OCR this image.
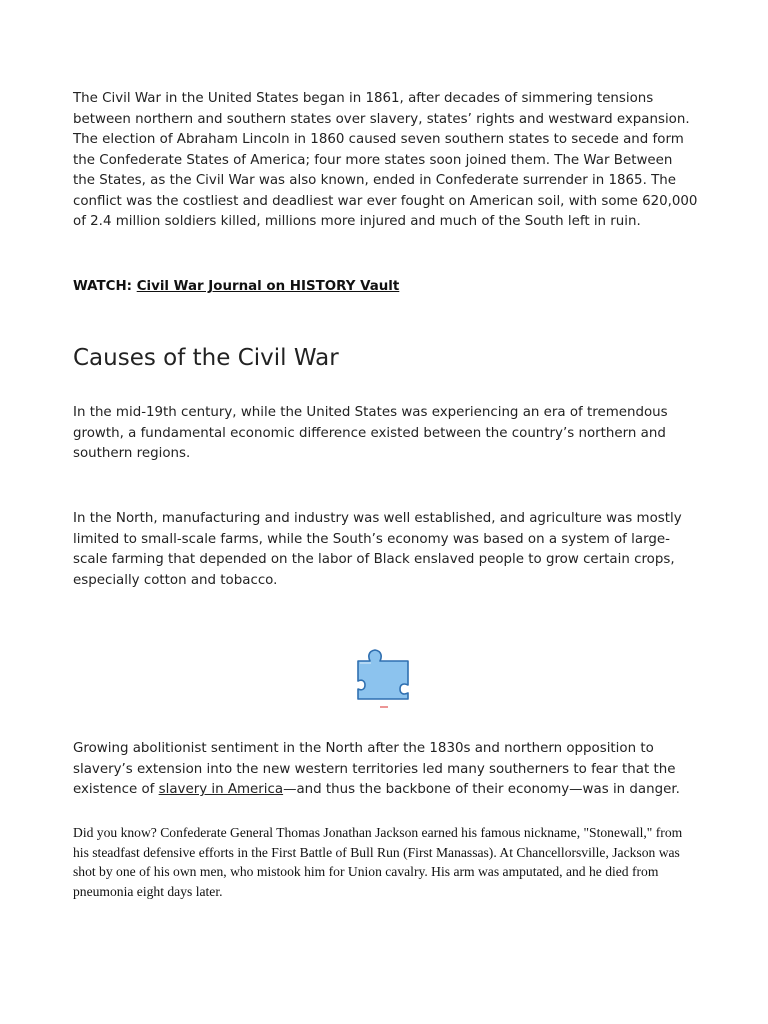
The Civil War in the United States began in 1861, after decades of simmering tensions between northern and southern states over slavery, states’ rights and westward expansion. The election of Abraham Lincoln in 1860 caused seven southern states to secede and form the Confederate States of America; four more states soon joined them. The War Between the States, as the Civil War was also known, ended in Confederate surrender in 1865. The conflict was the costliest and deadliest war ever fought on American soil, with some 620,000 of 2.4 million soldiers killed, millions more injured and much of the South left in ruin.

WATCH: Civil War Journal on HISTORY Vault
Causes of the Civil War

In the mid-19th century, while the United States was experiencing an era of tremendous growth, a fundamental economic difference existed between the country’s northern and southern regions.

In the North, manufacturing and industry was well established, and agriculture was mostly limited to small-scale farms, while the South’s economy was based on a system of large-scale farming that depended on the labor of Black enslaved people to grow certain crops, especially cotton and tobacco.

Growing abolitionist sentiment in the North after the 1830s and northern opposition to slavery’s extension into the new western territories led many southerners to fear that the existence of slavery in America—and thus the backbone of their economy—was in danger.

Did you know? Confederate General Thomas Jonathan Jackson earned his famous nickname, "Stonewall," from his steadfast defensive efforts in the First Battle of Bull Run (First Manassas). At Chancellorsville, Jackson was shot by one of his own men, who mistook him for Union cavalry. His arm was amputated, and he died from pneumonia eight days later.
